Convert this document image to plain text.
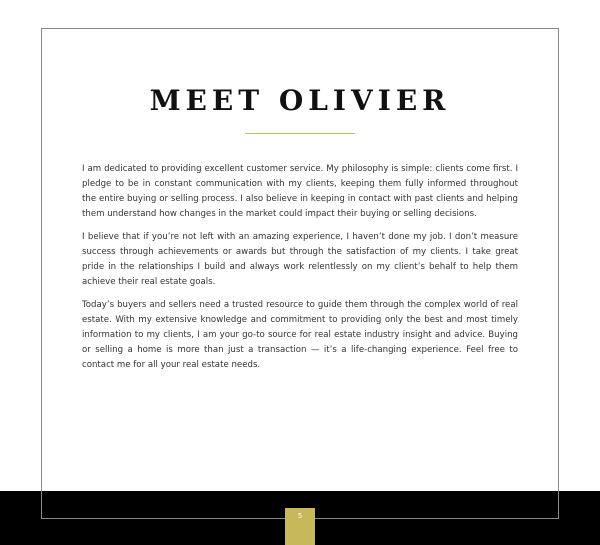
MEET OLIVIER

I am dedicated to providing excellent customer service. My philosophy is simple: clients come first. I pledge to be in constant communication with my clients, keeping them fully informed throughout the entire buying or selling process. I also believe in keeping in contact with past clients and helping them understand how changes in the market could impact their buying or selling decisions.

I believe that if you’re not left with an amazing experience, I haven’t done my job. I don’t measure success through achievements or awards but through the satisfaction of my clients. I take great pride in the relationships I build and always work relentlessly on my client’s behalf to help them achieve their real estate goals.

Today’s buyers and sellers need a trusted resource to guide them through the complex world of real estate. With my extensive knowledge and commitment to providing only the best and most timely information to my clients, I am your go-to source for real estate industry insight and advice. Buying or selling a home is more than just a transaction — it’s a life-changing experience. Feel free to contact me for all your real estate needs.

5
